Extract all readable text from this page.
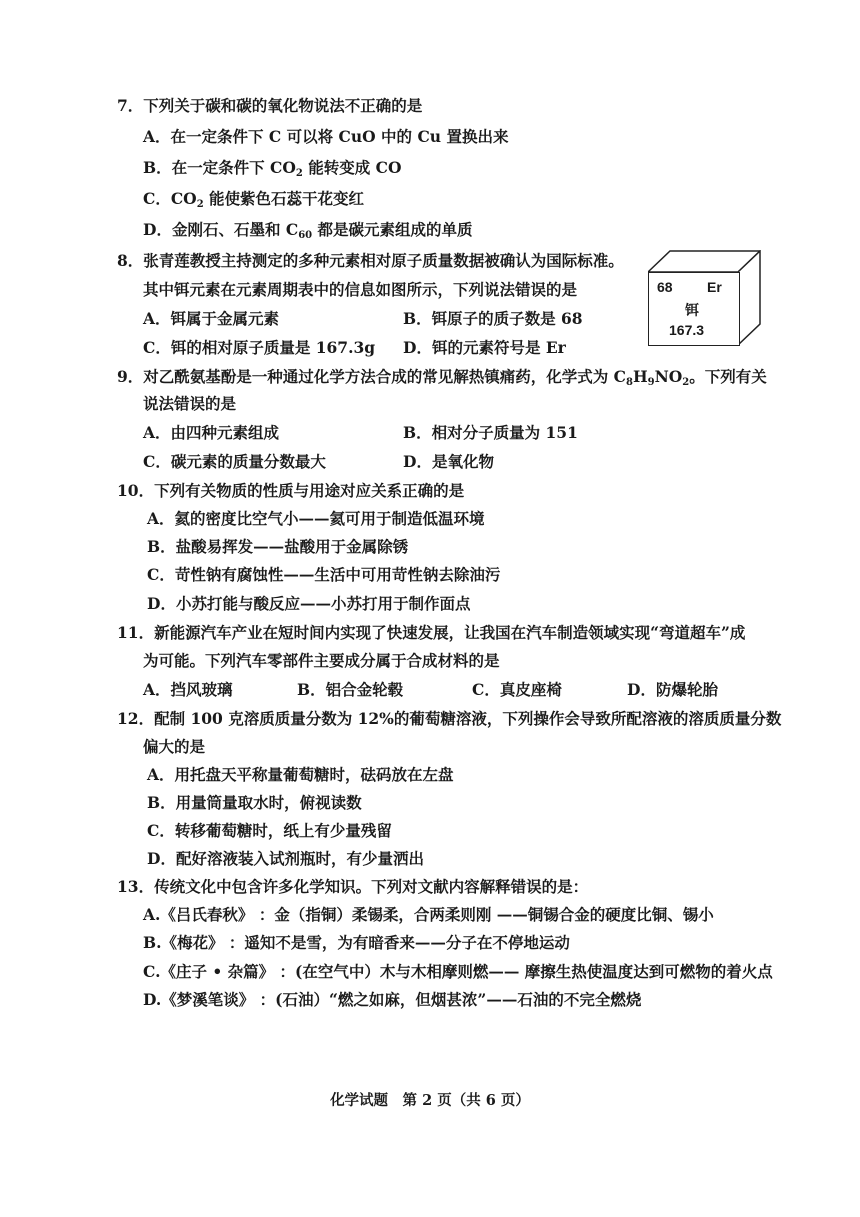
7．下列关于碳和碳的氧化物说法不正确的是
A．在一定条件下 C 可以将 CuO 中的 Cu 置换出来
B．在一定条件下 $CO_2$ 能转变成 CO
C．$CO_2$ 能使紫色石蕊干花变红
D．金刚石、石墨和 $C_{60}$ 都是碳元素组成的单质
8．张青莲教授主持测定的多种元素相对原子质量数据被确认为国际标准。
其中铒元素在元素周期表中的信息如图所示，下列说法错误的是
A．铒属于金属元素	B．铒原子的质子数是 68
C．铒的相对原子质量是 167.3g D．铒的元素符号是 Er
68 Er
铒
167.3
9．对乙酰氨基酚是一种通过化学方法合成的常见解热镇痛药，化学式为 $C_8H_9NO_2$。下列有关
说法错误的是
A．由四种元素组成	B．相对分子质量为 151
C．碳元素的质量分数最大	D．是氧化物
10．下列有关物质的性质与用途对应关系正确的是
A．氦的密度比空气小——氦可用于制造低温环境
B．盐酸易挥发——盐酸用于金属除锈
C．苛性钠有腐蚀性——生活中可用苛性钠去除油污
D．小苏打能与酸反应——小苏打用于制作面点
11．新能源汽车产业在短时间内实现了快速发展，让我国在汽车制造领域实现“弯道超车”成
为可能。下列汽车零部件主要成分属于合成材料的是
A．挡风玻璃	B．铝合金轮毂	C．真皮座椅	D．防爆轮胎
12．配制 100 克溶质质量分数为 12%的葡萄糖溶液，下列操作会导致所配溶液的溶质质量分数
偏大的是
A．用托盘天平称量葡萄糖时，砝码放在左盘
B．用量筒量取水时，俯视读数
C．转移葡萄糖时，纸上有少量残留
D．配好溶液装入试剂瓶时，有少量洒出
13．传统文化中包含许多化学知识。下列对文献内容解释错误的是：
A.《吕氏春秋》 ：金（指铜）柔锡柔，合两柔则刚 ——铜锡合金的硬度比铜、锡小
B.《梅花》 ：遥知不是雪，为有暗香来——分子在不停地运动
C.《庄子 • 杂篇》 ：(在空气中）木与木相摩则燃—— 摩擦生热使温度达到可燃物的着火点
D.《梦溪笔谈》 ：(石油）“燃之如麻，但烟甚浓”——石油的不完全燃烧
化学试题　第 2 页（共 6 页）
